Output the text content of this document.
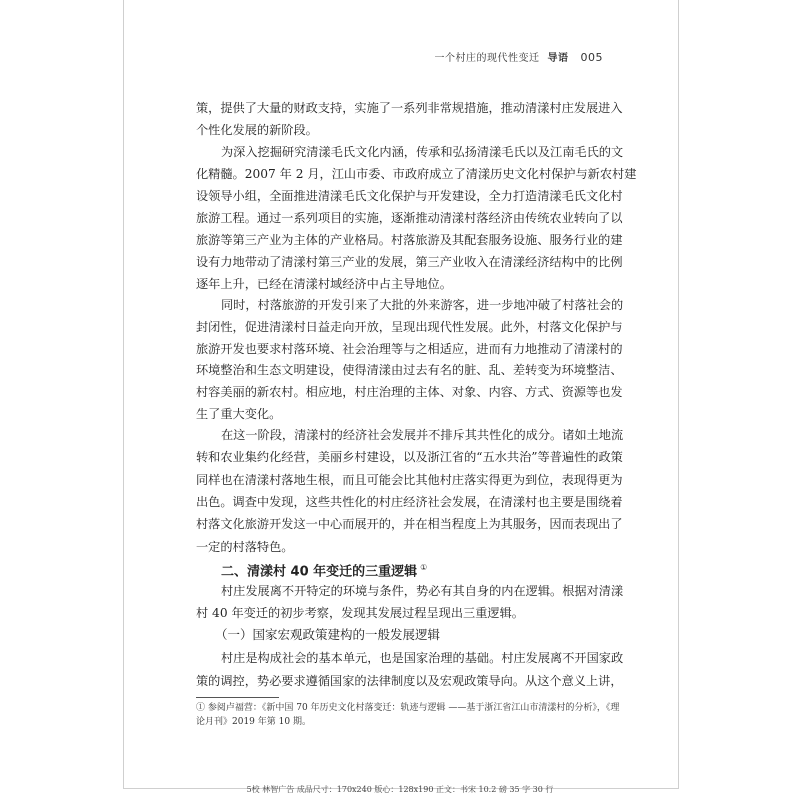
一个村庄的现代性变迁 导语 005
策，提供了大量的财政支持，实施了一系列非常规措施，推动清漾村庄发展进入
个性化发展的新阶段。
为深入挖掘研究清漾毛氏文化内涵，传承和弘扬清漾毛氏以及江南毛氏的文
化精髓。2007 年 2 月，江山市委、市政府成立了清漾历史文化村保护与新农村建
设领导小组，全面推进清漾毛氏文化保护与开发建设，全力打造清漾毛氏文化村
旅游工程。通过一系列项目的实施，逐渐推动清漾村落经济由传统农业转向了以
旅游等第三产业为主体的产业格局。村落旅游及其配套服务设施、服务行业的建
设有力地带动了清漾村第三产业的发展，第三产业收入在清漾经济结构中的比例
逐年上升，已经在清漾村域经济中占主导地位。
同时，村落旅游的开发引来了大批的外来游客，进一步地冲破了村落社会的
封闭性，促进清漾村日益走向开放，呈现出现代性发展。此外，村落文化保护与
旅游开发也要求村落环境、社会治理等与之相适应，进而有力地推动了清漾村的
环境整治和生态文明建设，使得清漾由过去有名的脏、乱、差转变为环境整洁、
村容美丽的新农村。相应地，村庄治理的主体、对象、内容、方式、资源等也发
生了重大变化。
在这一阶段，清漾村的经济社会发展并不排斥其共性化的成分。诸如土地流
转和农业集约化经营，美丽乡村建设，以及浙江省的“五水共治”等普遍性的政策
同样也在清漾村落地生根，而且可能会比其他村庄落实得更为到位，表现得更为
出色。调查中发现，这些共性化的村庄经济社会发展，在清漾村也主要是围绕着
村落文化旅游开发这一中心而展开的，并在相当程度上为其服务，因而表现出了
一定的村落特色。
村庄发展离不开特定的环境与条件，势必有其自身的内在逻辑。根据对清漾
村 40 年变迁的初步考察，发现其发展过程呈现出三重逻辑。
村庄是构成社会的基本单元，也是国家治理的基础。村庄发展离不开国家政
策的调控，势必要求遵循国家的法律制度以及宏观政策导向。从这个意义上讲，
二、清漾村 40 年变迁的三重逻辑 ①
（一）国家宏观政策建构的一般发展逻辑
① 参阅卢福营：《新中国 70 年历史文化村落变迁：轨迹与逻辑 ——基于浙江省江山市清漾村的分析》，《理
论月刊》2019 年第 10 期。
5校 林智广告 成品尺寸：170x240 版心：128x190 正文：书宋 10.2 磅 35 字 30 行
